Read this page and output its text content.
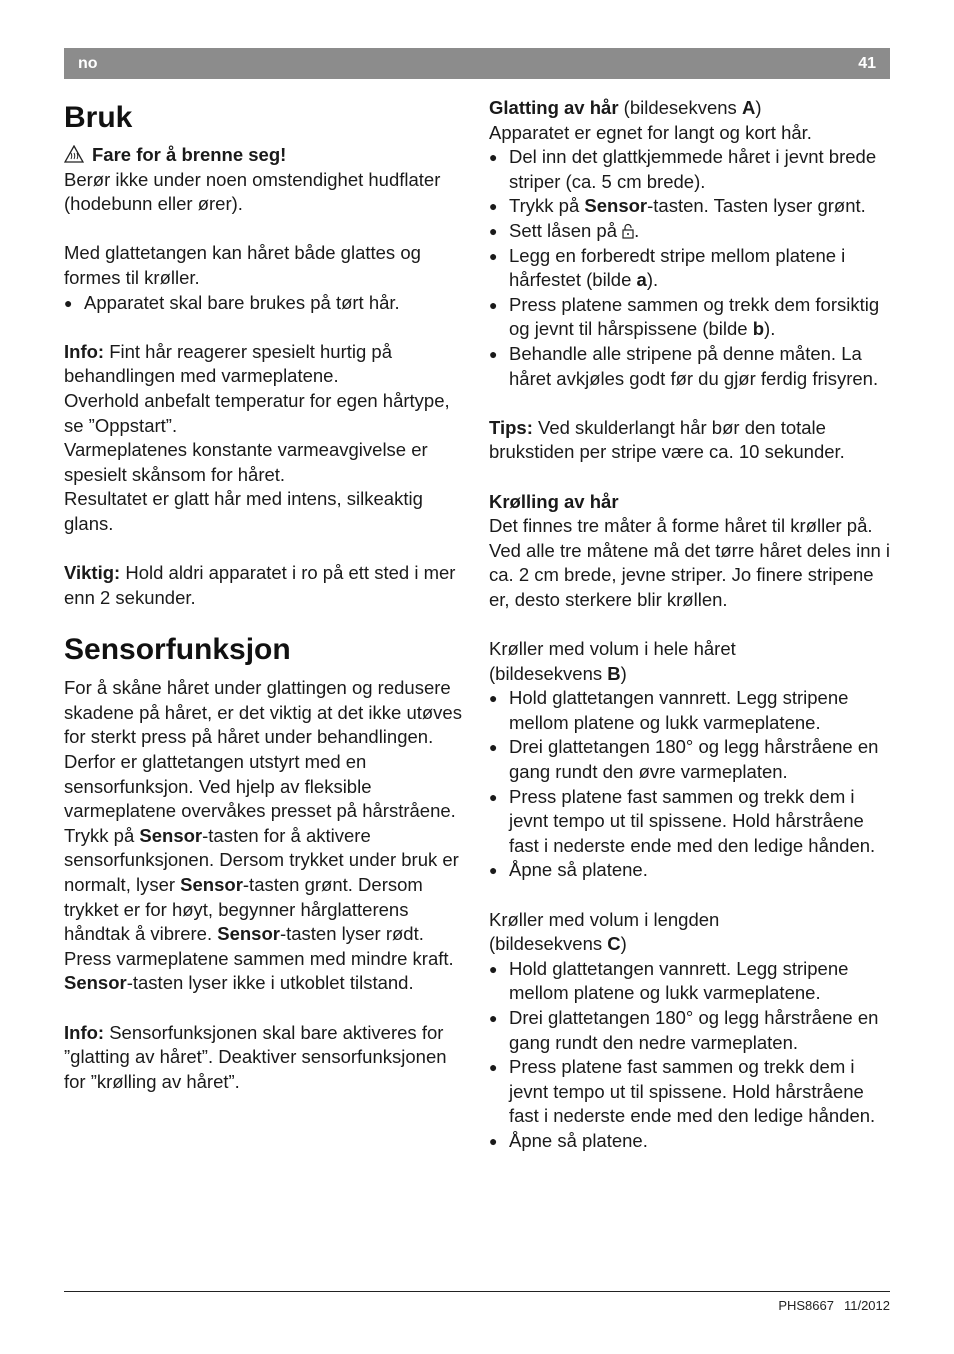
no	41
Bruk

Fare for å brenne seg!

Berør ikke under noen omstendighet hudflater (hodebunn eller ører).

Med glattetangen kan håret både glattes og formes til krøller.

● Apparatet skal bare brukes på tørt hår.

Info: Fint hår reagerer spesielt hurtig på behandlingen med varmeplatene.

Overhold anbefalt temperatur for egen hårtype, se ”Oppstart”.

Varmeplatenes konstante varmeavgivelse er spesielt skånsom for håret.

Resultatet er glatt hår med intens, silkeaktig glans.

Viktig: Hold aldri apparatet i ro på ett sted i mer enn 2 sekunder.

Sensorfunksjon

For å skåne håret under glattingen og redusere skadene på håret, er det viktig at det ikke utøves for sterkt press på håret under behandlingen. Derfor er glattetangen utstyrt med en sensorfunksjon. Ved hjelp av fleksible varmeplatene overvåkes presset på hårstråene. Trykk på Sensor-tasten for å aktivere sensorfunksjonen. Dersom trykket under bruk er normalt, lyser Sensor-tasten grønt. Dersom trykket er for høyt, begynner hårglatterens håndtak å vibrere. Sensor-tasten lyser rødt. Press varmeplatene sammen med mindre kraft.

Sensor-tasten lyser ikke i utkoblet tilstand.

Info: Sensorfunksjonen skal bare aktiveres for ”glatting av håret”. Deaktiver sensorfunksjonen for ”krølling av håret”.

Glatting av hår (bildesekvens A)

Apparatet er egnet for langt og kort hår.

● Del inn det glattkjemmede håret i jevnt brede striper (ca. 5 cm brede).

● Trykk på Sensor-tasten. Tasten lyser grønt.

● Sett låsen på .

● Legg en forberedt stripe mellom platene i hårfestet (bilde a).

● Press platene sammen og trekk dem forsiktig og jevnt til hårspissene (bilde b).

● Behandle alle stripene på denne måten. La håret avkjøles godt før du gjør ferdig frisyren.

Tips: Ved skulderlangt hår bør den totale brukstiden per stripe være ca. 10 sekunder.

Krølling av hår

Det finnes tre måter å forme håret til krøller på. Ved alle tre måtene må det tørre håret deles inn i ca. 2 cm brede, jevne striper. Jo finere stripene er, desto sterkere blir krøllen.

Krøller med volum i hele håret

(bildesekvens B)

● Hold glattetangen vannrett. Legg stripene mellom platene og lukk varmeplatene.

● Drei glattetangen 180° og legg hårstråene en gang rundt den øvre varmeplaten.

● Press platene fast sammen og trekk dem i jevnt tempo ut til spissene. Hold hårstråene fast i nederste ende med den ledige hånden.

● Åpne så platene.

Krøller med volum i lengden

(bildesekvens C)

● Hold glattetangen vannrett. Legg stripene mellom platene og lukk varmeplatene.

● Drei glattetangen 180° og legg hårstråene en gang rundt den nedre varmeplaten.

● Press platene fast sammen og trekk dem i jevnt tempo ut til spissene. Hold hårstråene fast i nederste ende med den ledige hånden.

● Åpne så platene.

PHS8667 11/2012
